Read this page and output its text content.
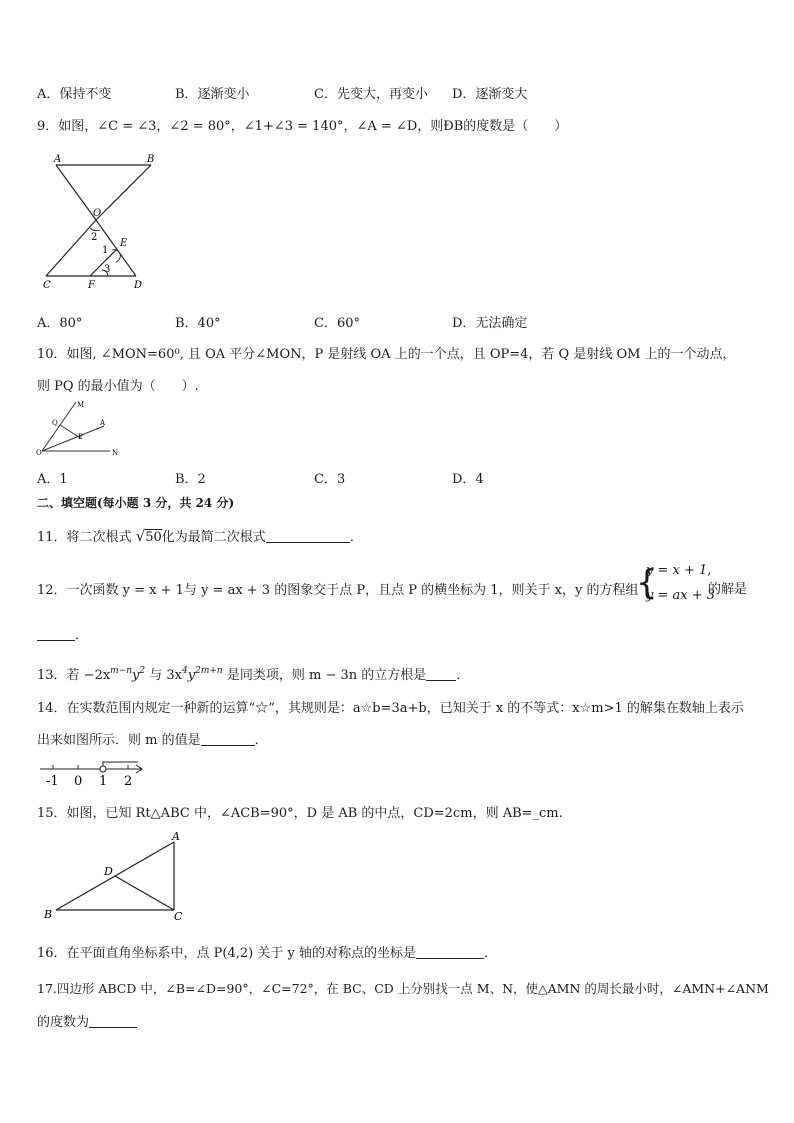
A．保持不变	B．逐渐变小	C．先变大，再变小 D．逐渐变大
9．如图，∠C = ∠3，∠2 = 80°，∠1+∠3 = 140°，∠A = ∠D，则ÐB的度数是（　　）
A	B
O
2
1
E
3
C	F	D
A．80°	B．40°	C．60°	D．无法确定
10．如图, ∠MON=60⁰, 且 OA 平分∠MON，P 是射线 OA 上的一个点，且 OP=4，若 Q 是射线 OM 上的一个动点，
则 PQ 的最小值为（　　）.
M
Q	A
P
O	N
A．1	B．2	C．3	D．4
二、填空题(每小题 3 分，共 24 分)
11．将二次根式 √50化为最简二次根式	．
12．一次函数 y = x + 1与 y = ax + 3 的图象交于点 P，且点 P 的横坐标为 1，则关于 x，y 的方程组
{
y = x + 1,
y = ax + 3
的解是
．
13．若 $-2x^{m-n}y^2$ 与 $3x^4y^{2m+n}$ 是同类项，则 m − 3n 的立方根是 ．
14．在实数范围内规定一种新的运算“☆”，其规则是：a☆b=3a+b，已知关于 x 的不等式：x☆m>1 的解集在数轴上表示
出来如图所示．则 m 的值是	．
-1 0 1 2
15．如图，已知 Rt△ABC 中，∠ACB=90°，D 是 AB 的中点，CD=2cm，则 AB=_cm.
A
D
B	C
16．在平面直角坐标系中，点 P(4,2) 关于 y 轴的对称点的坐标是	．
17.四边形 ABCD 中，∠B=∠D=90°，∠C=72°，在 BC、CD 上分别找一点 M、N，使△AMN 的周长最小时，∠AMN+∠ANM
的度数为
